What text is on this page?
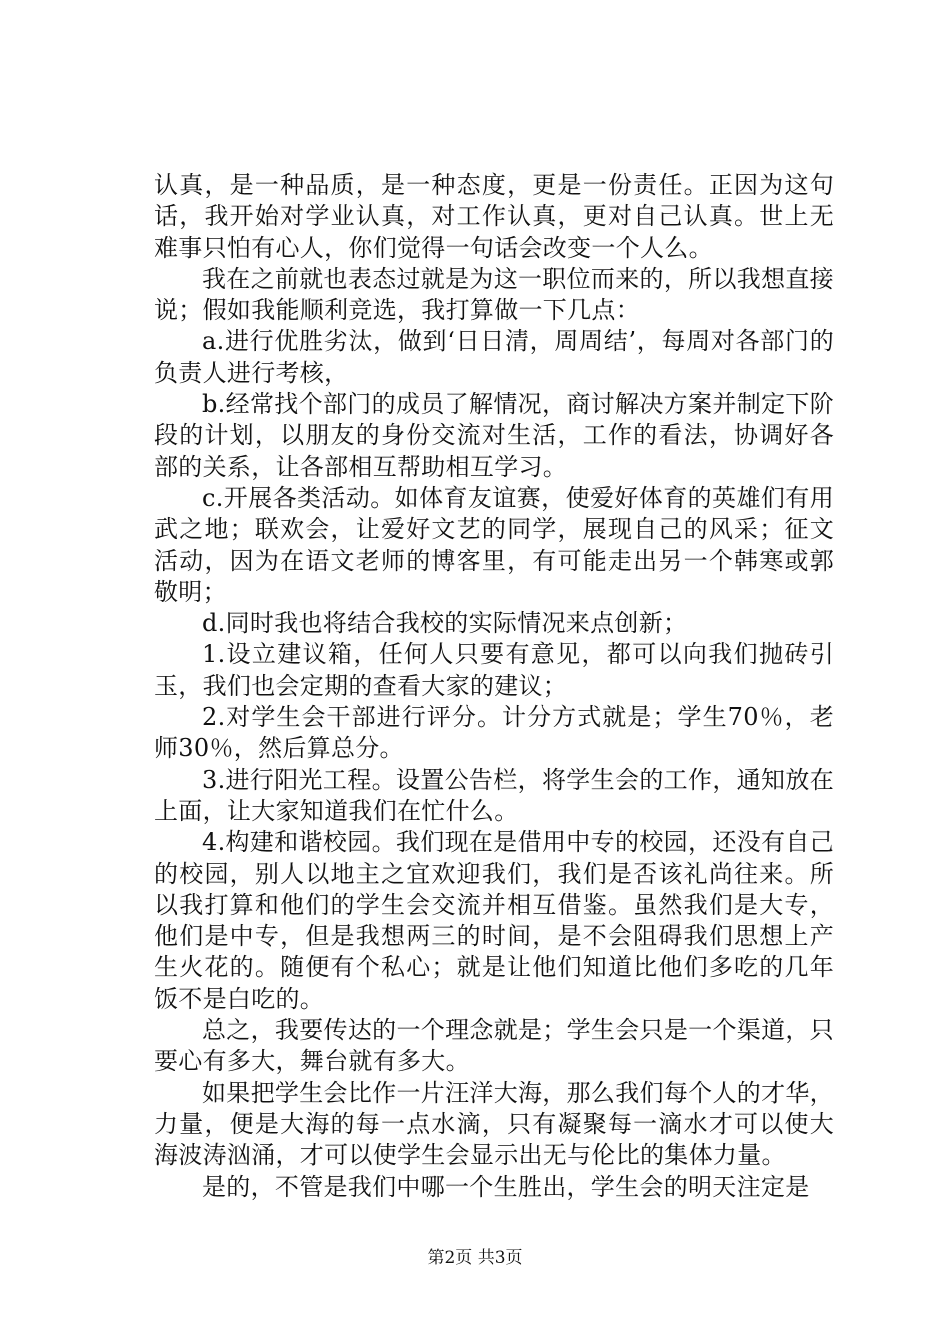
认真，是一种品质，是一种态度，更是一份责任。正因为这句话，我开始对学业认真，对工作认真，更对自己认真。世上无难事只怕有心人，你们觉得一句话会改变一个人么。

我在之前就也表态过就是为这一职位而来的，所以我想直接说；假如我能顺利竞选，我打算做一下几点：

a.进行优胜劣汰，做到‘日日清，周周结’，每周对各部门的负责人进行考核，

b.经常找个部门的成员了解情况，商讨解决方案并制定下阶段的计划，以朋友的身份交流对生活，工作的看法，协调好各部的关系，让各部相互帮助相互学习。

c.开展各类活动。如体育友谊赛，使爱好体育的英雄们有用武之地；联欢会，让爱好文艺的同学，展现自己的风采；征文活动，因为在语文老师的博客里，有可能走出另一个韩寒或郭敬明；

d.同时我也将结合我校的实际情况来点创新；

1.设立建议箱，任何人只要有意见，都可以向我们抛砖引玉，我们也会定期的查看大家的建议；

2.对学生会干部进行评分。计分方式就是；学生70％，老师30％，然后算总分。

3.进行阳光工程。设置公告栏，将学生会的工作，通知放在上面，让大家知道我们在忙什么。

4.构建和谐校园。我们现在是借用中专的校园，还没有自己的校园，别人以地主之宜欢迎我们，我们是否该礼尚往来。所以我打算和他们的学生会交流并相互借鉴。虽然我们是大专，他们是中专，但是我想两三的时间，是不会阻碍我们思想上产生火花的。随便有个私心；就是让他们知道比他们多吃的几年饭不是白吃的。

总之，我要传达的一个理念就是；学生会只是一个渠道，只要心有多大，舞台就有多大。

如果把学生会比作一片汪洋大海，那么我们每个人的才华，力量，便是大海的每一点水滴，只有凝聚每一滴水才可以使大海波涛汹涌，才可以使学生会显示出无与伦比的集体力量。

是的，不管是我们中哪一个生胜出，学生会的明天注定是

第2页 共3页
